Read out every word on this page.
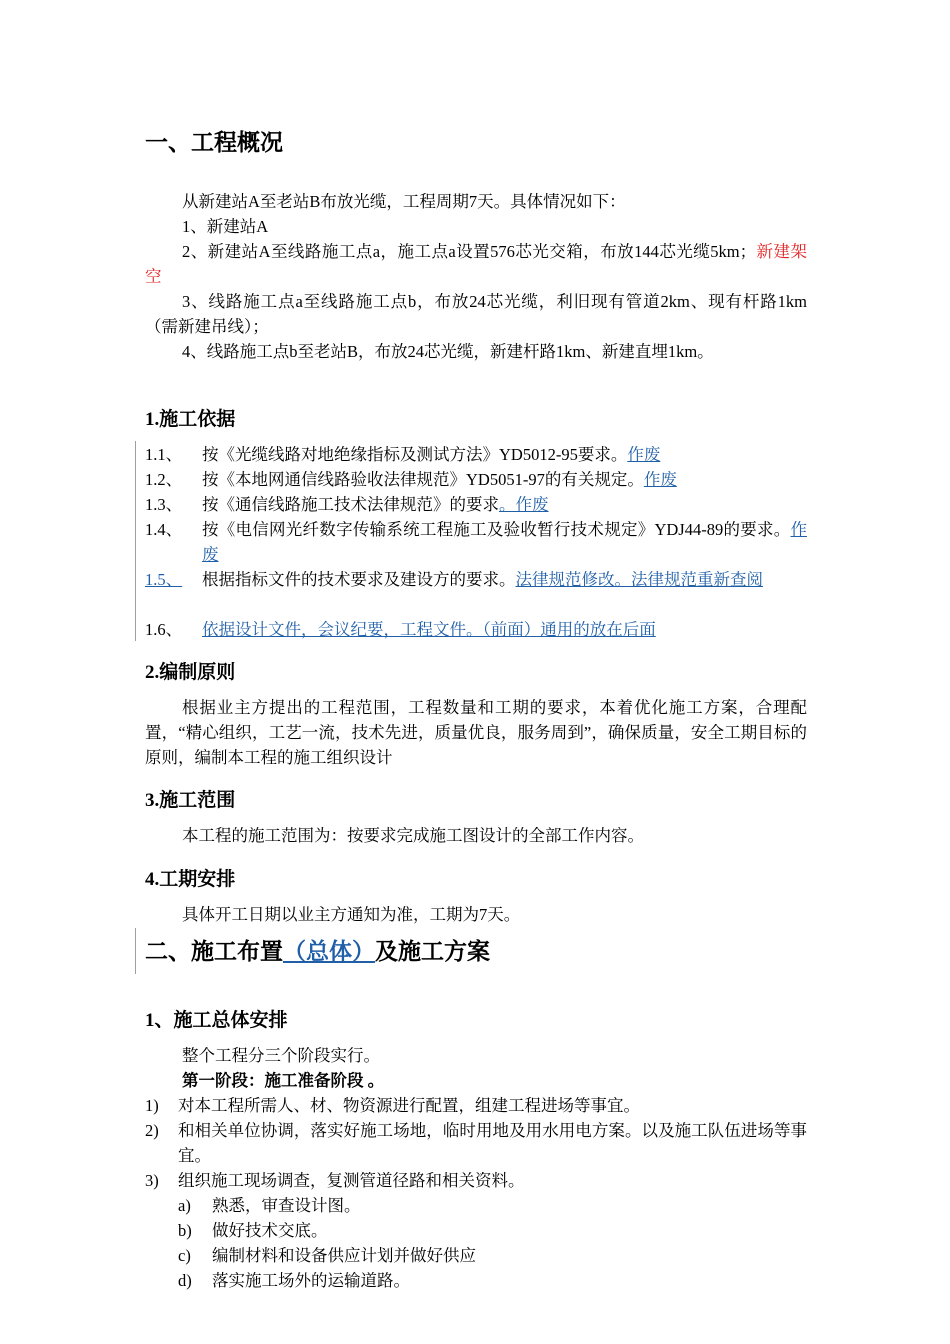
一、工程概况

从新建站A至老站B布放光缆，工程周期7天。具体情况如下：

1、新建站A

2、新建站A至线路施工点a，施工点a设置576芯光交箱，布放144芯光缆5km；新建架空

3、线路施工点a至线路施工点b，布放24芯光缆，利旧现有管道2km、现有杆路1km（需新建吊线）；

4、线路施工点b至老站B，布放24芯光缆，新建杆路1km、新建直埋1km。

1.施工依据
1.1、	按《光缆线路对地绝缘指标及测试方法》YD5012-95要求。作废
1.2、	按《本地网通信线路验收法律规范》YD5051-97的有关规定。作废
1.3、	按《通信线路施工技术法律规范》的要求。作废
1.4、	按《电信网光纤数字传输系统工程施工及验收暂行技术规定》YDJ44-89的要求。作废
1.5、	根据指标文件的技术要求及建设方的要求。法律规范修改。法律规范重新查阅
1.6、	依据设计文件，会议纪要，工程文件。（前面）通用的放在后面
2.编制原则

根据业主方提出的工程范围，工程数量和工期的要求，本着优化施工方案，合理配置，“精心组织，工艺一流，技术先进，质量优良，服务周到”，确保质量，安全工期目标的原则，编制本工程的施工组织设计

3.施工范围

本工程的施工范围为：按要求完成施工图设计的全部工作内容。

4.工期安排

具体开工日期以业主方通知为准，工期为7天。

二、施工布置（总体）及施工方案
1、施工总体安排

整个工程分三个阶段实行。

第一阶段：施工准备阶段 。

1) 对本工程所需人、材、物资源进行配置，组建工程进场等事宜。
2) 和相关单位协调，落实好施工场地，临时用地及用水用电方案。以及施工队伍进场等事宜。
3) 组织施工现场调查，复测管道径路和相关资料。
a) 熟悉，审查设计图。
b) 做好技术交底。
c) 编制材料和设备供应计划并做好供应
d) 落实施工场外的运输道路。
